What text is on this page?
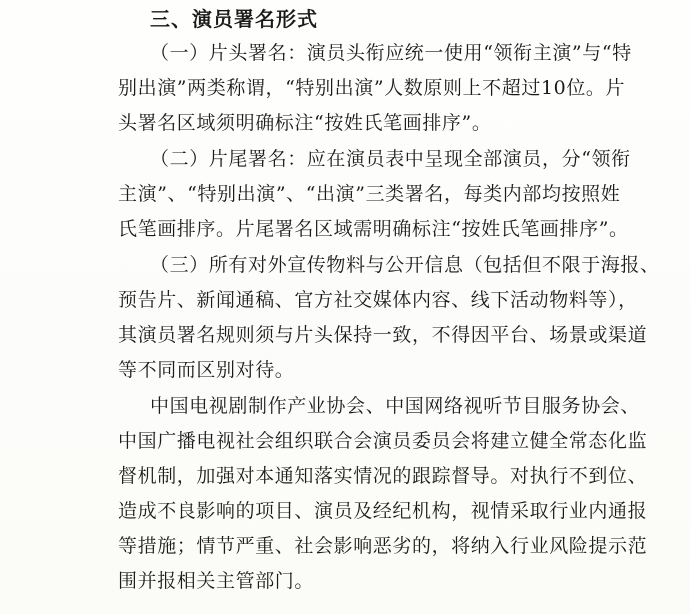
三、演员署名形式
（一）片头署名：演员头衔应统一使用“领衔主演”与“特
别出演”两类称谓，“特别出演”人数原则上不超过10位。片
头署名区域须明确标注“按姓氏笔画排序”。
（二）片尾署名：应在演员表中呈现全部演员，分“领衔
主演”、“特别出演”、“出演”三类署名，每类内部均按照姓
氏笔画排序。片尾署名区域需明确标注“按姓氏笔画排序”。
（三）所有对外宣传物料与公开信息（包括但不限于海报、
预告片、新闻通稿、官方社交媒体内容、线下活动物料等），
其演员署名规则须与片头保持一致，不得因平台、场景或渠道
等不同而区别对待。
中国电视剧制作产业协会、中国网络视听节目服务协会、
中国广播电视社会组织联合会演员委员会将建立健全常态化监
督机制，加强对本通知落实情况的跟踪督导。对执行不到位、
造成不良影响的项目、演员及经纪机构，视情采取行业内通报
等措施；情节严重、社会影响恶劣的，将纳入行业风险提示范
围并报相关主管部门。
